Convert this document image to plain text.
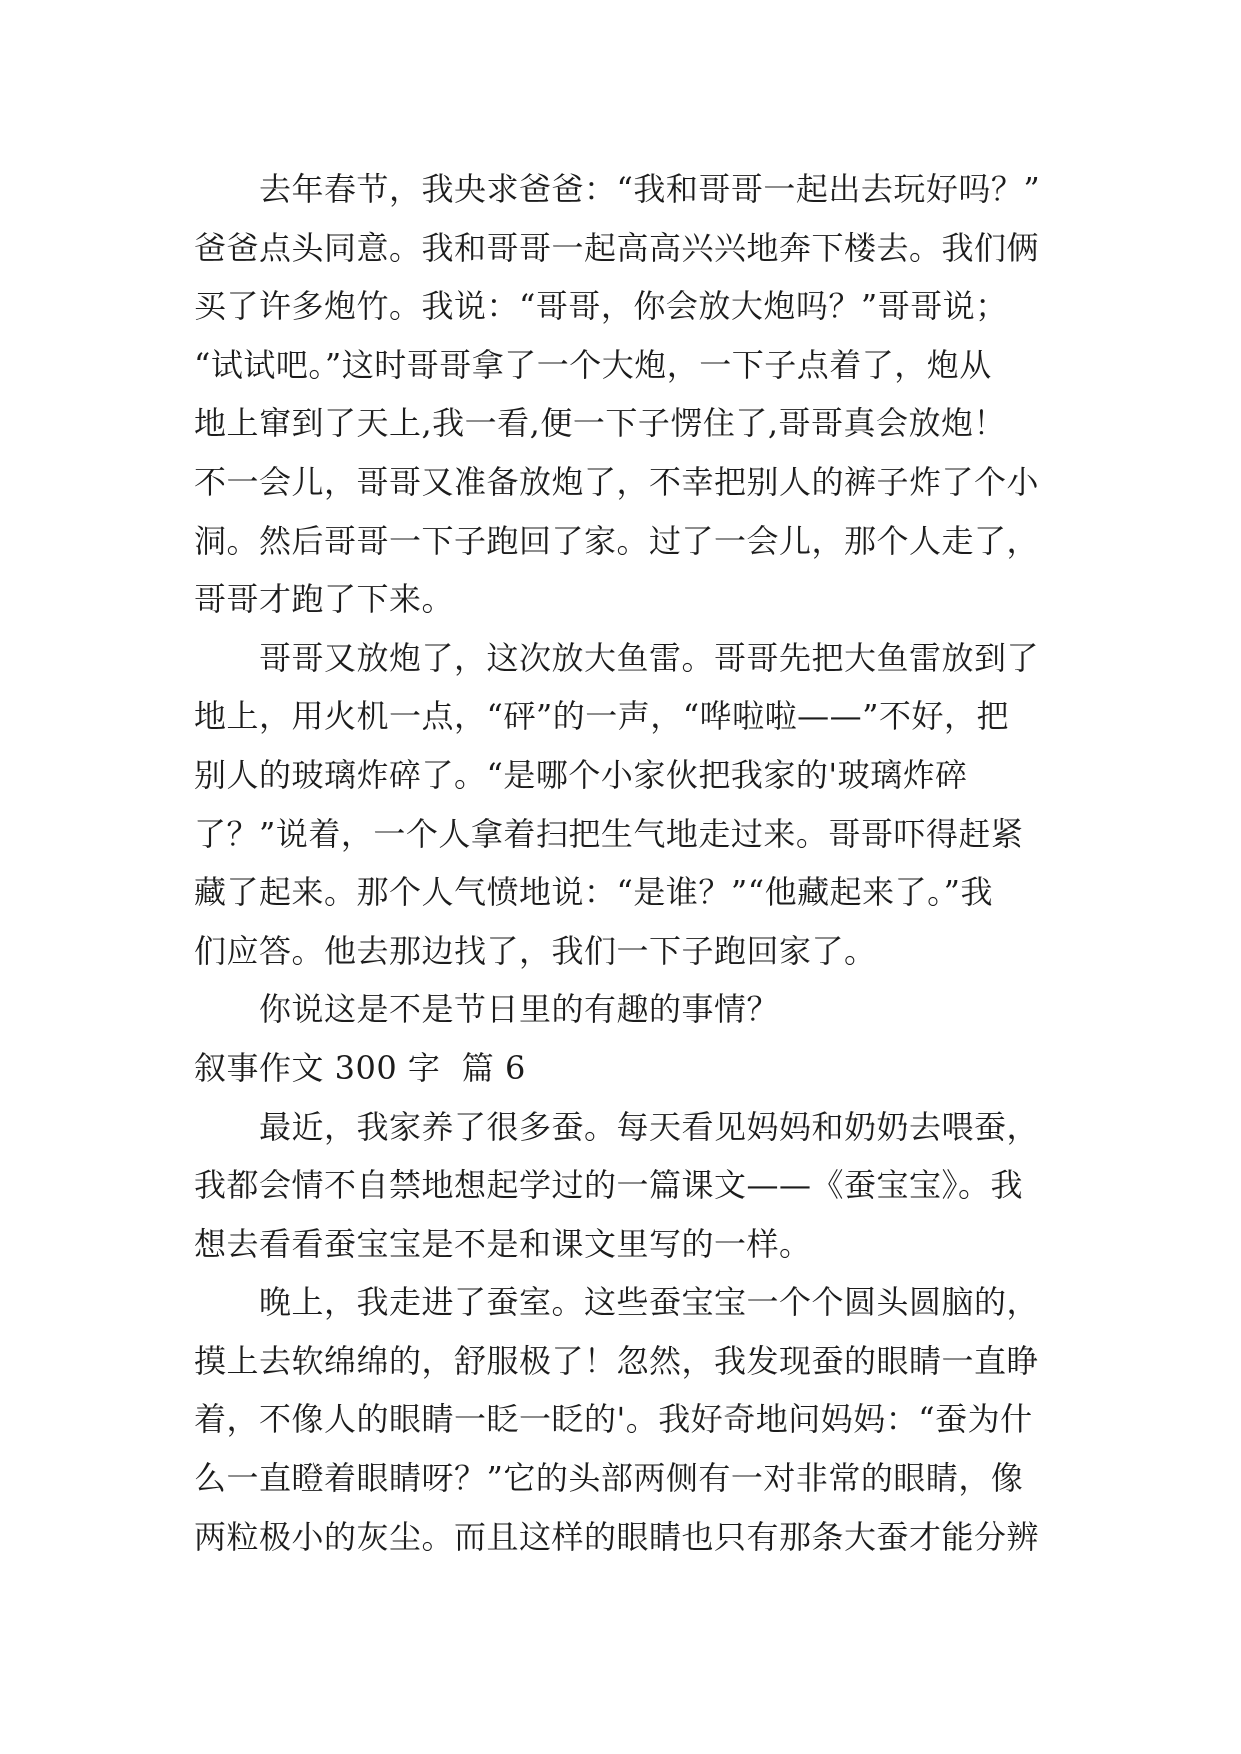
去年春节，我央求爸爸：“我和哥哥一起出去玩好吗？”
爸爸点头同意。我和哥哥一起高高兴兴地奔下楼去。我们俩
买了许多炮竹。我说：“哥哥，你会放大炮吗？”哥哥说；
“试试吧。”这时哥哥拿了一个大炮，一下子点着了，炮从
地上窜到了天上,我一看,便一下子愣住了,哥哥真会放炮！
不一会儿，哥哥又准备放炮了，不幸把别人的裤子炸了个小
洞。然后哥哥一下子跑回了家。过了一会儿，那个人走了，
哥哥才跑了下来。
哥哥又放炮了，这次放大鱼雷。哥哥先把大鱼雷放到了
地上，用火机一点，“砰”的一声，“哗啦啦——”不好，把
别人的玻璃炸碎了。“是哪个小家伙把我家的'玻璃炸碎
了？”说着，一个人拿着扫把生气地走过来。哥哥吓得赶紧
藏了起来。那个人气愤地说：“是谁？”“他藏起来了。”我
们应答。他去那边找了，我们一下子跑回家了。
你说这是不是节日里的有趣的事情？
叙事作文 300 字  篇 6
最近，我家养了很多蚕。每天看见妈妈和奶奶去喂蚕，
我都会情不自禁地想起学过的一篇课文——《蚕宝宝》。我
想去看看蚕宝宝是不是和课文里写的一样。
晚上，我走进了蚕室。这些蚕宝宝一个个圆头圆脑的，
摸上去软绵绵的，舒服极了！忽然，我发现蚕的眼睛一直睁
着，不像人的眼睛一眨一眨的'。我好奇地问妈妈：“蚕为什
么一直瞪着眼睛呀？”它的头部两侧有一对非常的眼睛，像
两粒极小的灰尘。而且这样的眼睛也只有那条大蚕才能分辨
